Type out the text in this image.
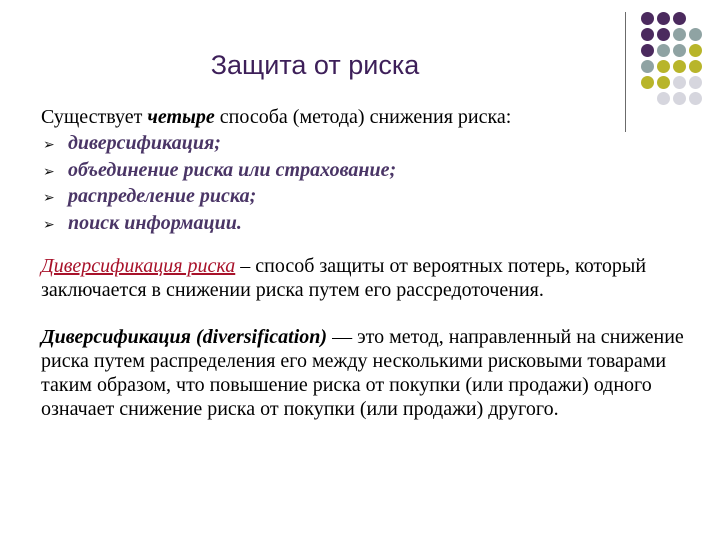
Защита от риска
Существует четыре способа (метода) снижения риска:
➢ диверсификация;
➢ объединение риска или страхование;
➢ распределение риска;
➢ поиск информации.

Диверсификация риска – способ защиты от вероятных потерь, который заключается в снижении риска путем его рассредоточения.

Диверсификация (diversification) — это метод, направленный на снижение риска путем распределения его между несколькими рисковыми товарами таким образом, что повышение риска от покупки (или продажи) одного означает снижение риска от покупки (или продажи) другого.
